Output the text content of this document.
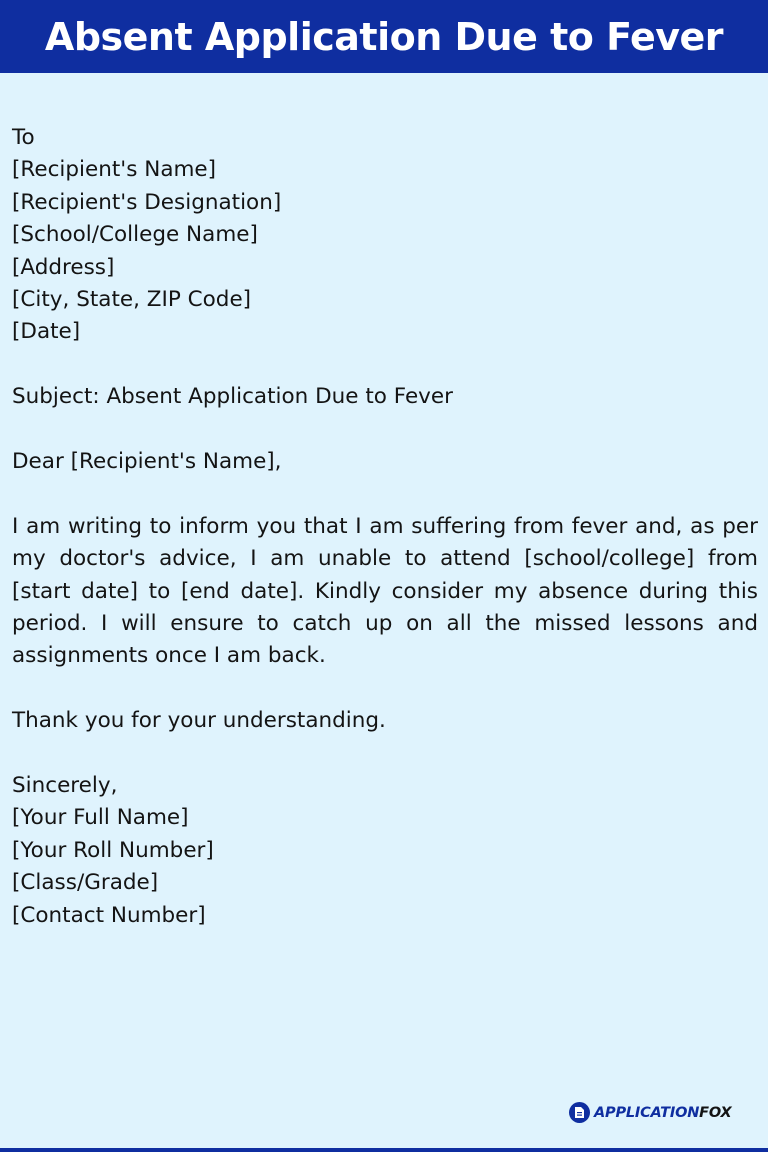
Absent Application Due to Fever
To
[Recipient's Name]
[Recipient's Designation]
[School/College Name]
[Address]
[City, State, ZIP Code]
[Date]
Subject: Absent Application Due to Fever
Dear [Recipient's Name],

I am writing to inform you that I am suffering from fever and, as per my doctor's advice, I am unable to attend [school/college] from [start date] to [end date]. Kindly consider my absence during this period. I will ensure to catch up on all the missed lessons and assignments once I am back.

Thank you for your understanding.
Sincerely,
[Your Full Name]
[Your Roll Number]
[Class/Grade]
[Contact Number]
APPLICATIONFOX
